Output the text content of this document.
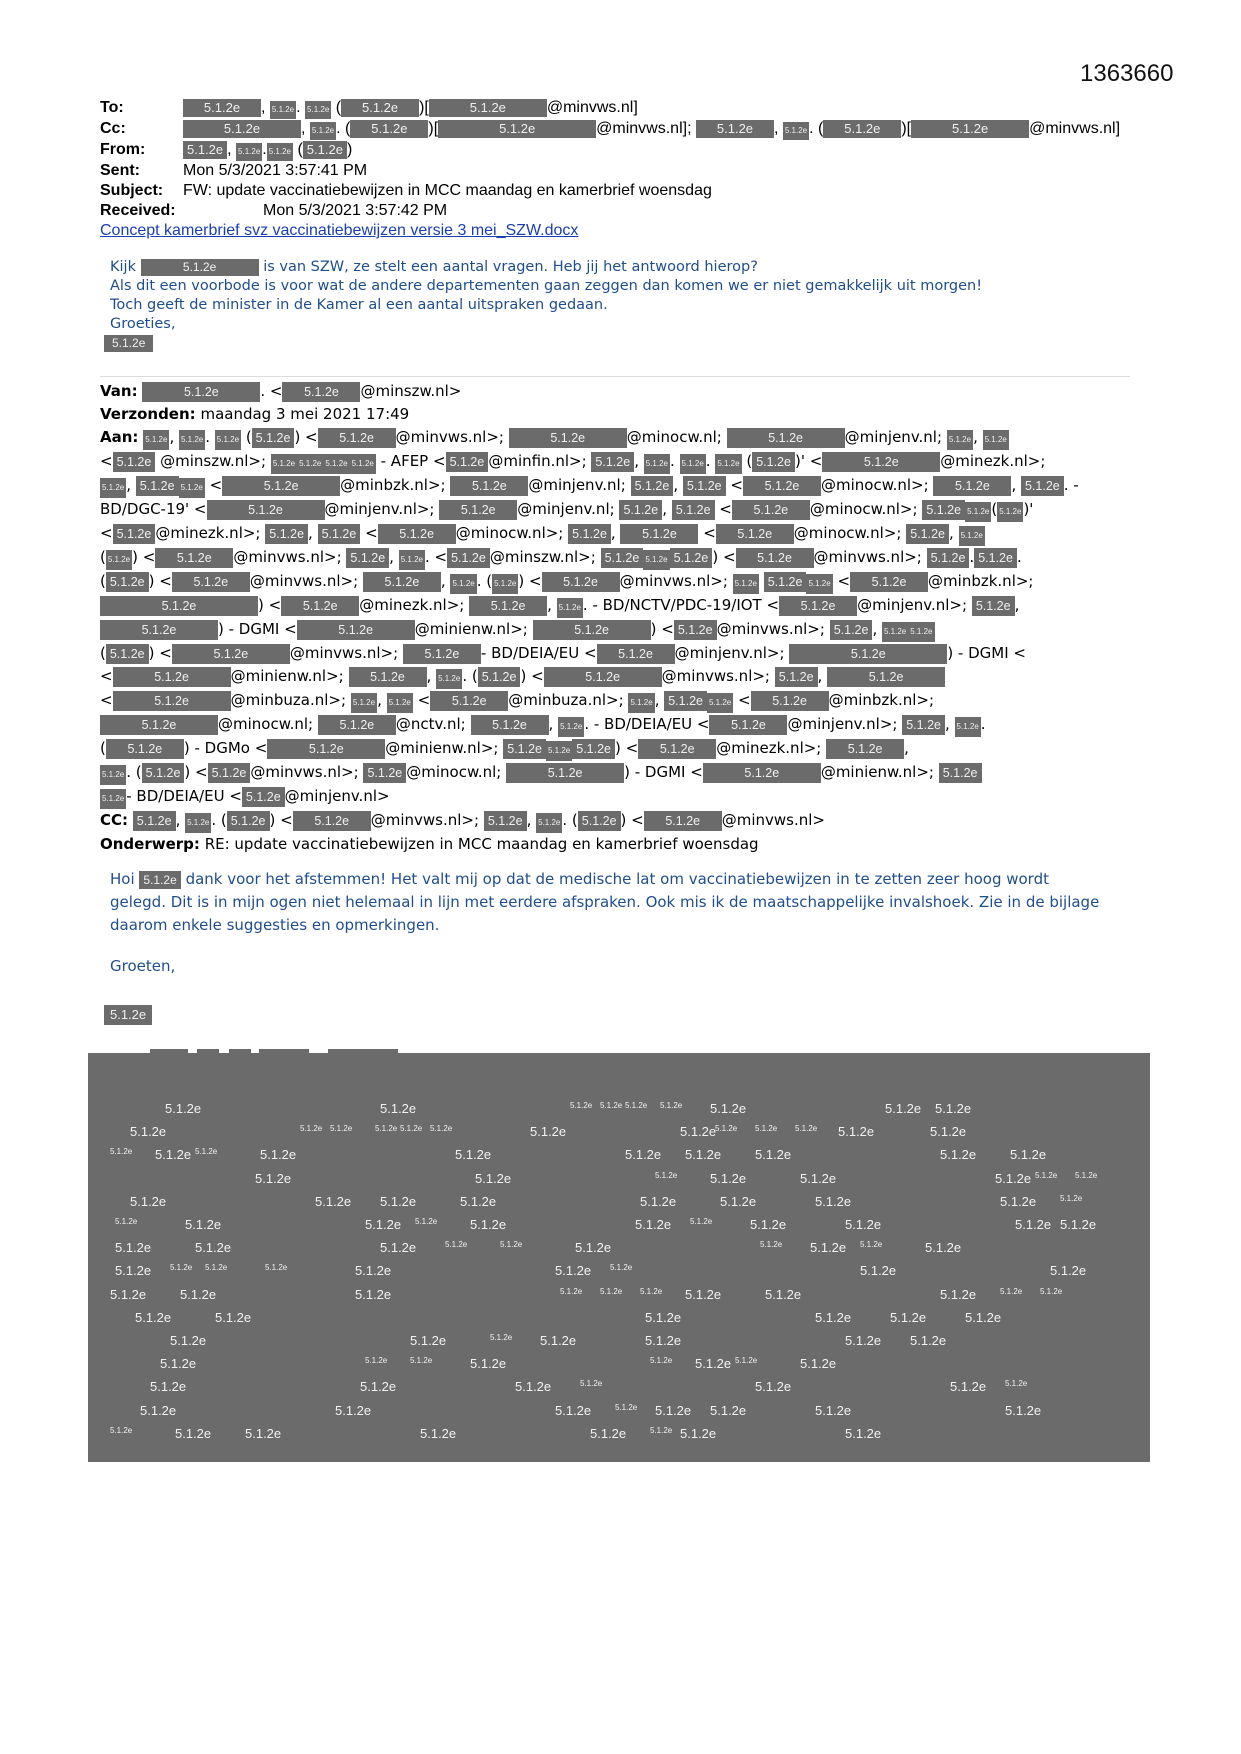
1363660
To:	5.1.2e , 5.1.2e . 5.1.2e ( 5.1.2e )[	5.1.2e	@minvws.nl]
Cc:	5.1.2e	, 5.1.2e . ( 5.1.2e )[	5.1.2e	@minvws.nl]; 5.1.2e , 5.1.2e . ( 5.1.2e )[	5.1.2e	@minvws.nl]
From:	5.1.2e , 5.1.2e . 5.1.2e ( 5.1.2e )
Sent:	Mon 5/3/2021 3:57:41 PM
Subject:	FW: update vaccinatiebewijzen in MCC maandag en kamerbrief woensdag
Received:	Mon 5/3/2021 3:57:42 PM
Concept kamerbrief svz vaccinatiebewijzen versie 3 mei_SZW.docx
Kijk	5.1.2e	is van SZW, ze stelt een aantal vragen. Heb jij het antwoord hierop?
Als dit een voorbode is voor wat de andere departementen gaan zeggen dan komen we er niet gemakkelijk uit morgen!
Toch geeft de minister in de Kamer al een aantal uitspraken gedaan.
Groeties,
5.1.2e
Van:	5.1.2e	. < 5.1.2e @minszw.nl>
Verzonden: maandag 3 mei 2021 17:49
Aan: 5.1.2e , 5.1.2e . 5.1.2e ( 5.1.2e ) < 5.1.2e @minvws.nl>;	5.1.2e	@minocw.nl;	5.1.2e	@minjenv.nl; 5.1.2e , 5.1.2e
< 5.1.2e @minszw.nl>; 5.1.2e 5.1.2e 5.1.2e 5.1.2e - AFEP < 5.1.2e @minfin.nl>; 5.1.2e , 5.1.2e . 5.1.2e . 5.1.2e ( 5.1.2e )' <	5.1.2e	@minezk.nl>;
5.1.2e , 5.1.2e 5.1.2e <	5.1.2e	@minbzk.nl>; 5.1.2e @minjenv.nl; 5.1.2e , 5.1.2e < 5.1.2e @minocw.nl>; 5.1.2e , 5.1.2e . -
BD/DGC-19' <	5.1.2e	@minjenv.nl>; 5.1.2e @minjenv.nl; 5.1.2e , 5.1.2e < 5.1.2e @minocw.nl>; 5.1.2e 5.1.2e ( 5.1.2e )'
< 5.1.2e @minezk.nl>; 5.1.2e , 5.1.2e < 5.1.2e @minocw.nl>; 5.1.2e , 5.1.2e < 5.1.2e @minocw.nl>; 5.1.2e , 5.1.2e
( 5.1.2e ) < 5.1.2e @minvws.nl>; 5.1.2e , 5.1.2e . < 5.1.2e @minszw.nl>; 5.1.2e 5.1.2e 5.1.2e ) < 5.1.2e @minvws.nl>; 5.1.2e . 5.1.2e .
( 5.1.2e ) < 5.1.2e @minvws.nl>; 5.1.2e , 5.1.2e . ( 5.1.2e ) < 5.1.2e @minvws.nl>; 5.1.2e 5.1.2e 5.1.2e < 5.1.2e @minbzk.nl>;
5.1.2e	) < 5.1.2e @minezk.nl>; 5.1.2e , 5.1.2e . - BD/NCTV/PDC-19/IOT < 5.1.2e @minjenv.nl>; 5.1.2e ,
5.1.2e	) - DGMI <	5.1.2e	@minienw.nl>;	5.1.2e	) < 5.1.2e @minvws.nl>; 5.1.2e , 5.1.2e 5.1.2e
( 5.1.2e ) <	5.1.2e	@minvws.nl>; 5.1.2e - BD/DEIA/EU < 5.1.2e @minjenv.nl>;	5.1.2e	) - DGMI <
<	5.1.2e	@minienw.nl>; 5.1.2e , 5.1.2e . ( 5.1.2e ) <	5.1.2e	@minvws.nl>; 5.1.2e ,	5.1.2e
<	5.1.2e	@minbuza.nl>; 5.1.2e , 5.1.2e < 5.1.2e @minbuza.nl>; 5.1.2e , 5.1.2e 5.1.2e < 5.1.2e @minbzk.nl>;
5.1.2e	@minocw.nl; 5.1.2e @nctv.nl; 5.1.2e , 5.1.2e . - BD/DEIA/EU < 5.1.2e @minjenv.nl>; 5.1.2e , 5.1.2e .
( 5.1.2e ) - DGMo <	5.1.2e	@minienw.nl>; 5.1.2e 5.1.2e 5.1.2e ) < 5.1.2e @minezk.nl>; 5.1.2e ,
5.1.2e . ( 5.1.2e ) < 5.1.2e @minvws.nl>; 5.1.2e @minocw.nl;	5.1.2e	) - DGMI <	5.1.2e	@minienw.nl>; 5.1.2e
5.1.2e - BD/DEIA/EU < 5.1.2e @minjenv.nl>
CC: 5.1.2e , 5.1.2e . ( 5.1.2e ) < 5.1.2e @minvws.nl>; 5.1.2e , 5.1.2e . ( 5.1.2e ) < 5.1.2e @minvws.nl>
Onderwerp: RE: update vaccinatiebewijzen in MCC maandag en kamerbrief woensdag
Hoi 5.1.2e dank voor het afstemmen! Het valt mij op dat de medische lat om vaccinatiebewijzen in te zetten zeer hoog wordt
gelegd. Dit is in mijn ogen niet helemaal in lijn met eerdere afspraken. Ook mis ik de maatschappelijke invalshoek. Zie in de bijlage
daarom enkele suggesties en opmerkingen.
Groeten,
5.1.2e
5.1.2e	5.1.2e	5.1.2e 5.1.2e 5.1.2e 5.1.2e 5.1.2e	5.1.2e 5.1.2e
5.1.2e	5.1.2e 5.1.2e	5.1.2e 5.1.2e 5.1.2e	5.1.2e	5.1.2e
5.1.2e 5.1.2e 5.1.2e 5.1.2e	5.1.2e
5.1.2e 5.1.2e 5.1.2e	5.1.2e	5.1.2e	5.1.2e 5.1.2e	5.1.2e	5.1.2e	5.1.2e
5.1.2e	5.1.2e	5.1.2e	5.1.2e	5.1.2e	5.1.2e 5.1.2e 5.1.2e
5.1.2e	5.1.2e 5.1.2e	5.1.2e	5.1.2e	5.1.2e	5.1.2e	5.1.2e	5.1.2e
5.1.2e	5.1.2e	5.1.2e 5.1.2e	5.1.2e	5.1.2e 5.1.2e	5.1.2e	5.1.2e	5.1.2e 5.1.2e
5.1.2e	5.1.2e	5.1.2e	5.1.2e	5.1.2e	5.1.2e	5.1.2e 5.1.2e 5.1.2e	5.1.2e
5.1.2e 5.1.2e 5.1.2e	5.1.2e	5.1.2e	5.1.2e 5.1.2e	5.1.2e	5.1.2e
5.1.2e	5.1.2e	5.1.2e	5.1.2e 5.1.2e 5.1.2e 5.1.2e	5.1.2e	5.1.2e	5.1.2e 5.1.2e
5.1.2e	5.1.2e	5.1.2e	5.1.2e	5.1.2e	5.1.2e
5.1.2e	5.1.2e	5.1.2e 5.1.2e	5.1.2e	5.1.2e 5.1.2e
5.1.2e	5.1.2e	5.1.2e	5.1.2e	5.1.2e 5.1.2e 5.1.2e	5.1.2e
5.1.2e	5.1.2e	5.1.2e	5.1.2e	5.1.2e	5.1.2e 5.1.2e
5.1.2e	5.1.2e	5.1.2e	5.1.2e 5.1.2e 5.1.2e	5.1.2e	5.1.2e
5.1.2e	5.1.2e	5.1.2e	5.1.2e	5.1.2e	5.1.2e 5.1.2e	5.1.2e
